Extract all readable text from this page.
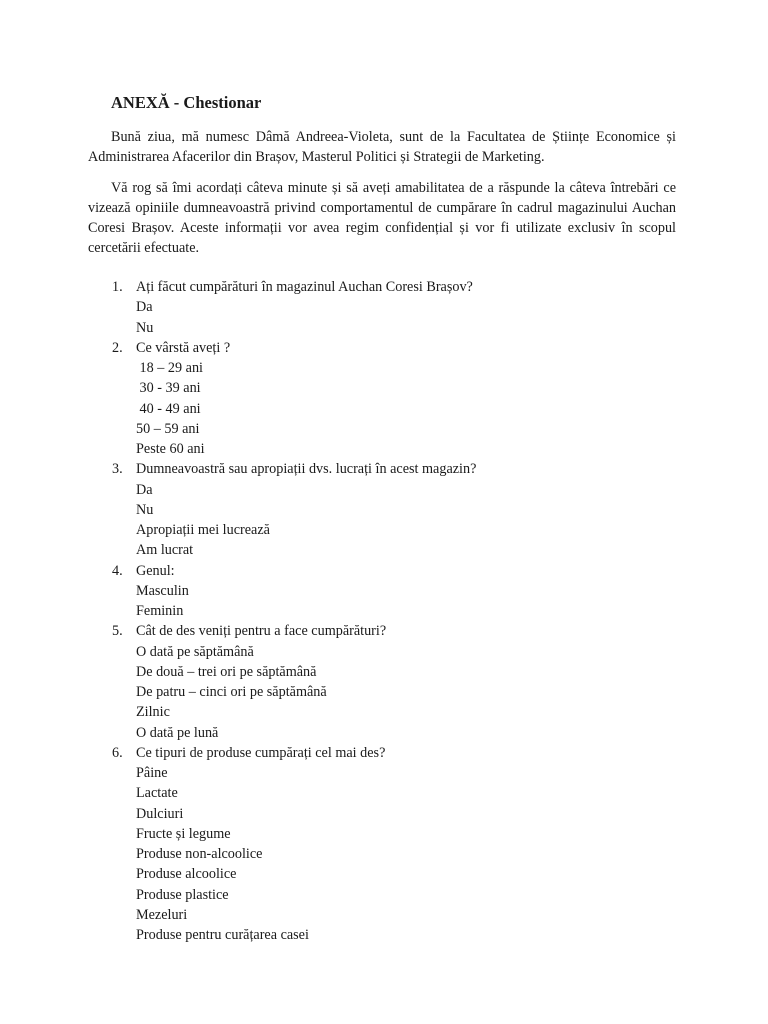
ANEXĂ - Chestionar

Bună ziua, mă numesc Dâmă Andreea-Violeta, sunt de la Facultatea de Științe Economice și Administrarea Afacerilor din Brașov, Masterul Politici și Strategii de Marketing.

Vă rog să îmi acordați câteva minute și să aveți amabilitatea de a răspunde la câteva întrebări ce vizează opiniile dumneavoastră privind comportamentul de cumpărare în cadrul magazinului Auchan Coresi Brașov. Aceste informații vor avea regim confidențial și vor fi utilizate exclusiv în scopul cercetării efectuate.

1. Ați făcut cumpărături în magazinul Auchan Coresi Brașov?
Da
Nu
2. Ce vârstă aveți ?
18 – 29 ani
30 - 39 ani
40 - 49 ani
50 – 59 ani
Peste 60 ani
3. Dumneavoastră sau apropiații dvs. lucrați în acest magazin?
Da
Nu
Apropiații mei lucrează
Am lucrat
4. Genul:
Masculin
Feminin
5. Cât de des veniți pentru a face cumpărături?
O dată pe săptămână
De două – trei ori pe săptămână
De patru – cinci ori pe săptămână
Zilnic
O dată pe lună
6. Ce tipuri de produse cumpărați cel mai des?
Pâine
Lactate
Dulciuri
Fructe și legume
Produse non-alcoolice
Produse alcoolice
Produse plastice
Mezeluri
Produse pentru curățarea casei
